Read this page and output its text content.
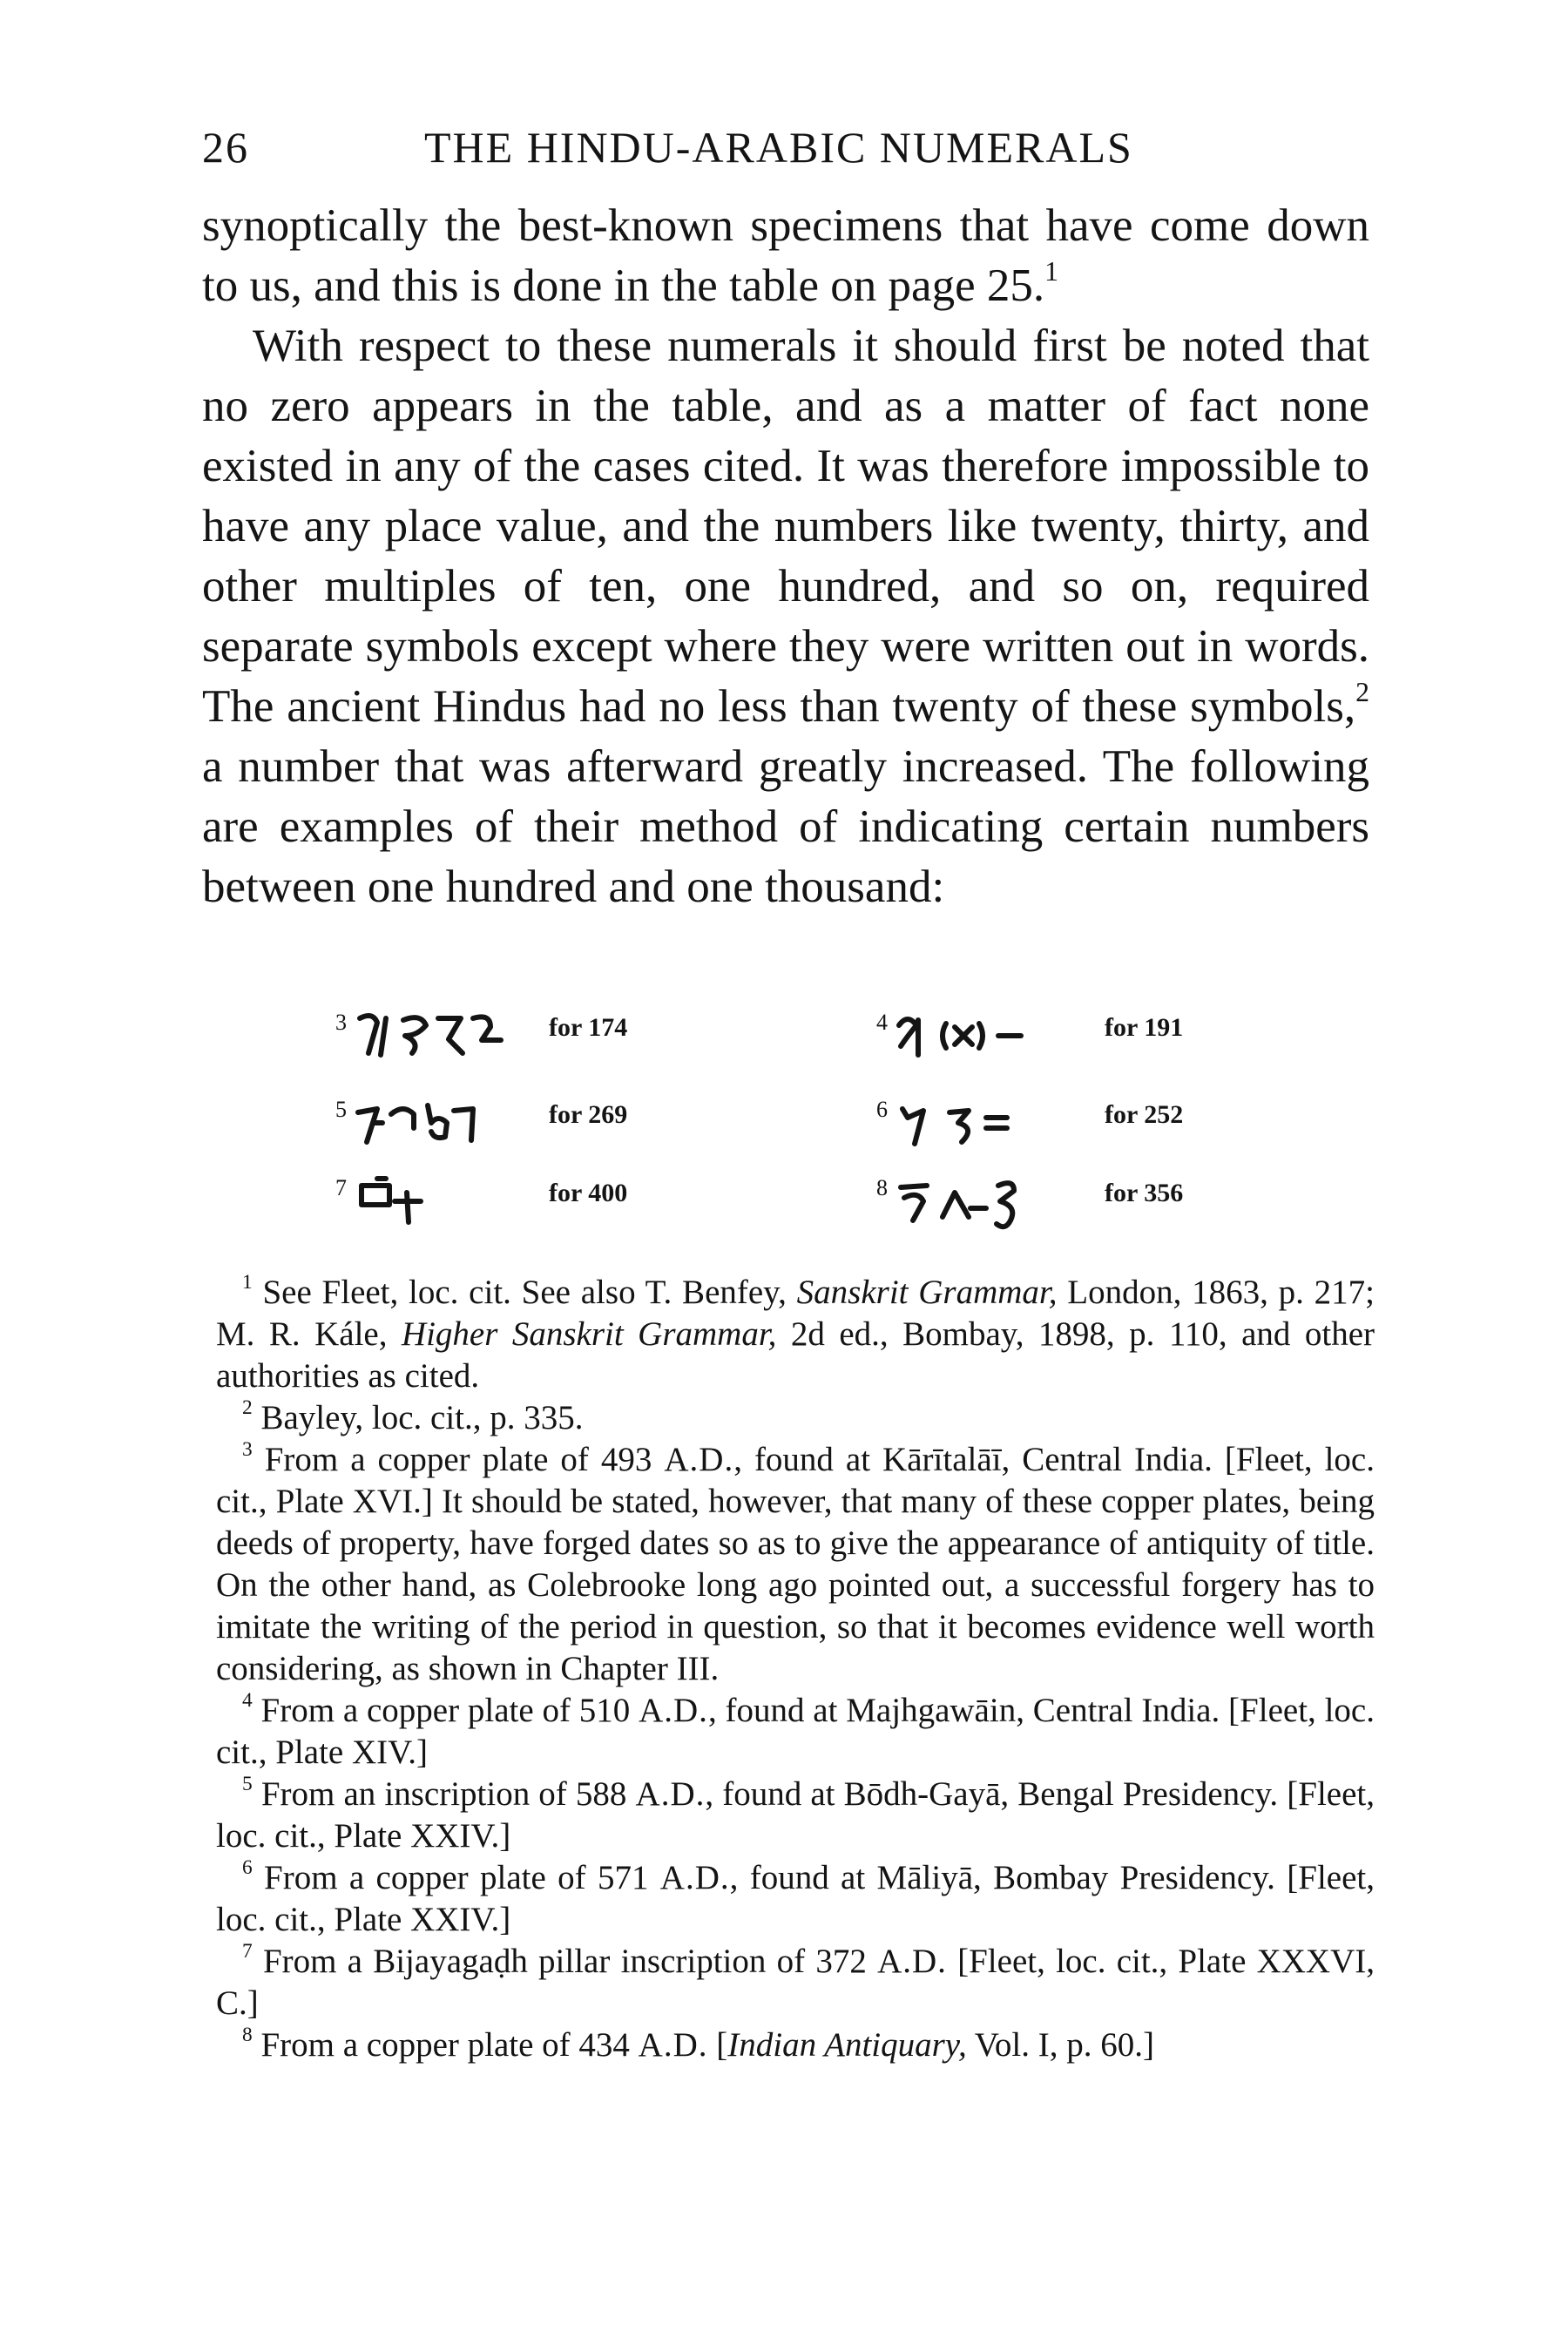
26	THE HINDU-ARABIC NUMERALS

synoptically the best-known specimens that have come down to us, and this is done in the table on page 25.$^1$

With respect to these numerals it should first be noted that no zero appears in the table, and as a matter of fact none existed in any of the cases cited. It was therefore impossible to have any place value, and the numbers like twenty, thirty, and other multiples of ten, one hundred, and so on, required separate symbols except where they were written out in words. The ancient Hindus had no less than twenty of these symbols,$^2$ a number that was afterward greatly increased. The following are examples of their method of indicating certain numbers between one hundred and one thousand:

3	for 174	4	for 191
5	for 269	6	for 252
7	for 400	8	for 356

$^1$ See Fleet, loc. cit. See also T. Benfey, Sanskrit Grammar, London, 1863, p. 217; M. R. Kále, Higher Sanskrit Grammar, 2d ed., Bombay, 1898, p. 110, and other authorities as cited.

$^2$ Bayley, loc. cit., p. 335.

$^3$ From a copper plate of 493 A.D., found at Kārītalāī, Central India. [Fleet, loc. cit., Plate XVI.] It should be stated, however, that many of these copper plates, being deeds of property, have forged dates so as to give the appearance of antiquity of title. On the other hand, as Colebrooke long ago pointed out, a successful forgery has to imitate the writing of the period in question, so that it becomes evidence well worth considering, as shown in Chapter III.

$^4$ From a copper plate of 510 A.D., found at Majhgawāin, Central India. [Fleet, loc. cit., Plate XIV.]

$^5$ From an inscription of 588 A.D., found at Bōdh-Gayā, Bengal Presidency. [Fleet, loc. cit., Plate XXIV.]

$^6$ From a copper plate of 571 A.D., found at Māliyā, Bombay Presidency. [Fleet, loc. cit., Plate XXIV.]

$^7$ From a Bijayagaḍh pillar inscription of 372 A.D. [Fleet, loc. cit., Plate XXXVI, C.]

$^8$ From a copper plate of 434 A.D. [Indian Antiquary, Vol. I, p. 60.]
